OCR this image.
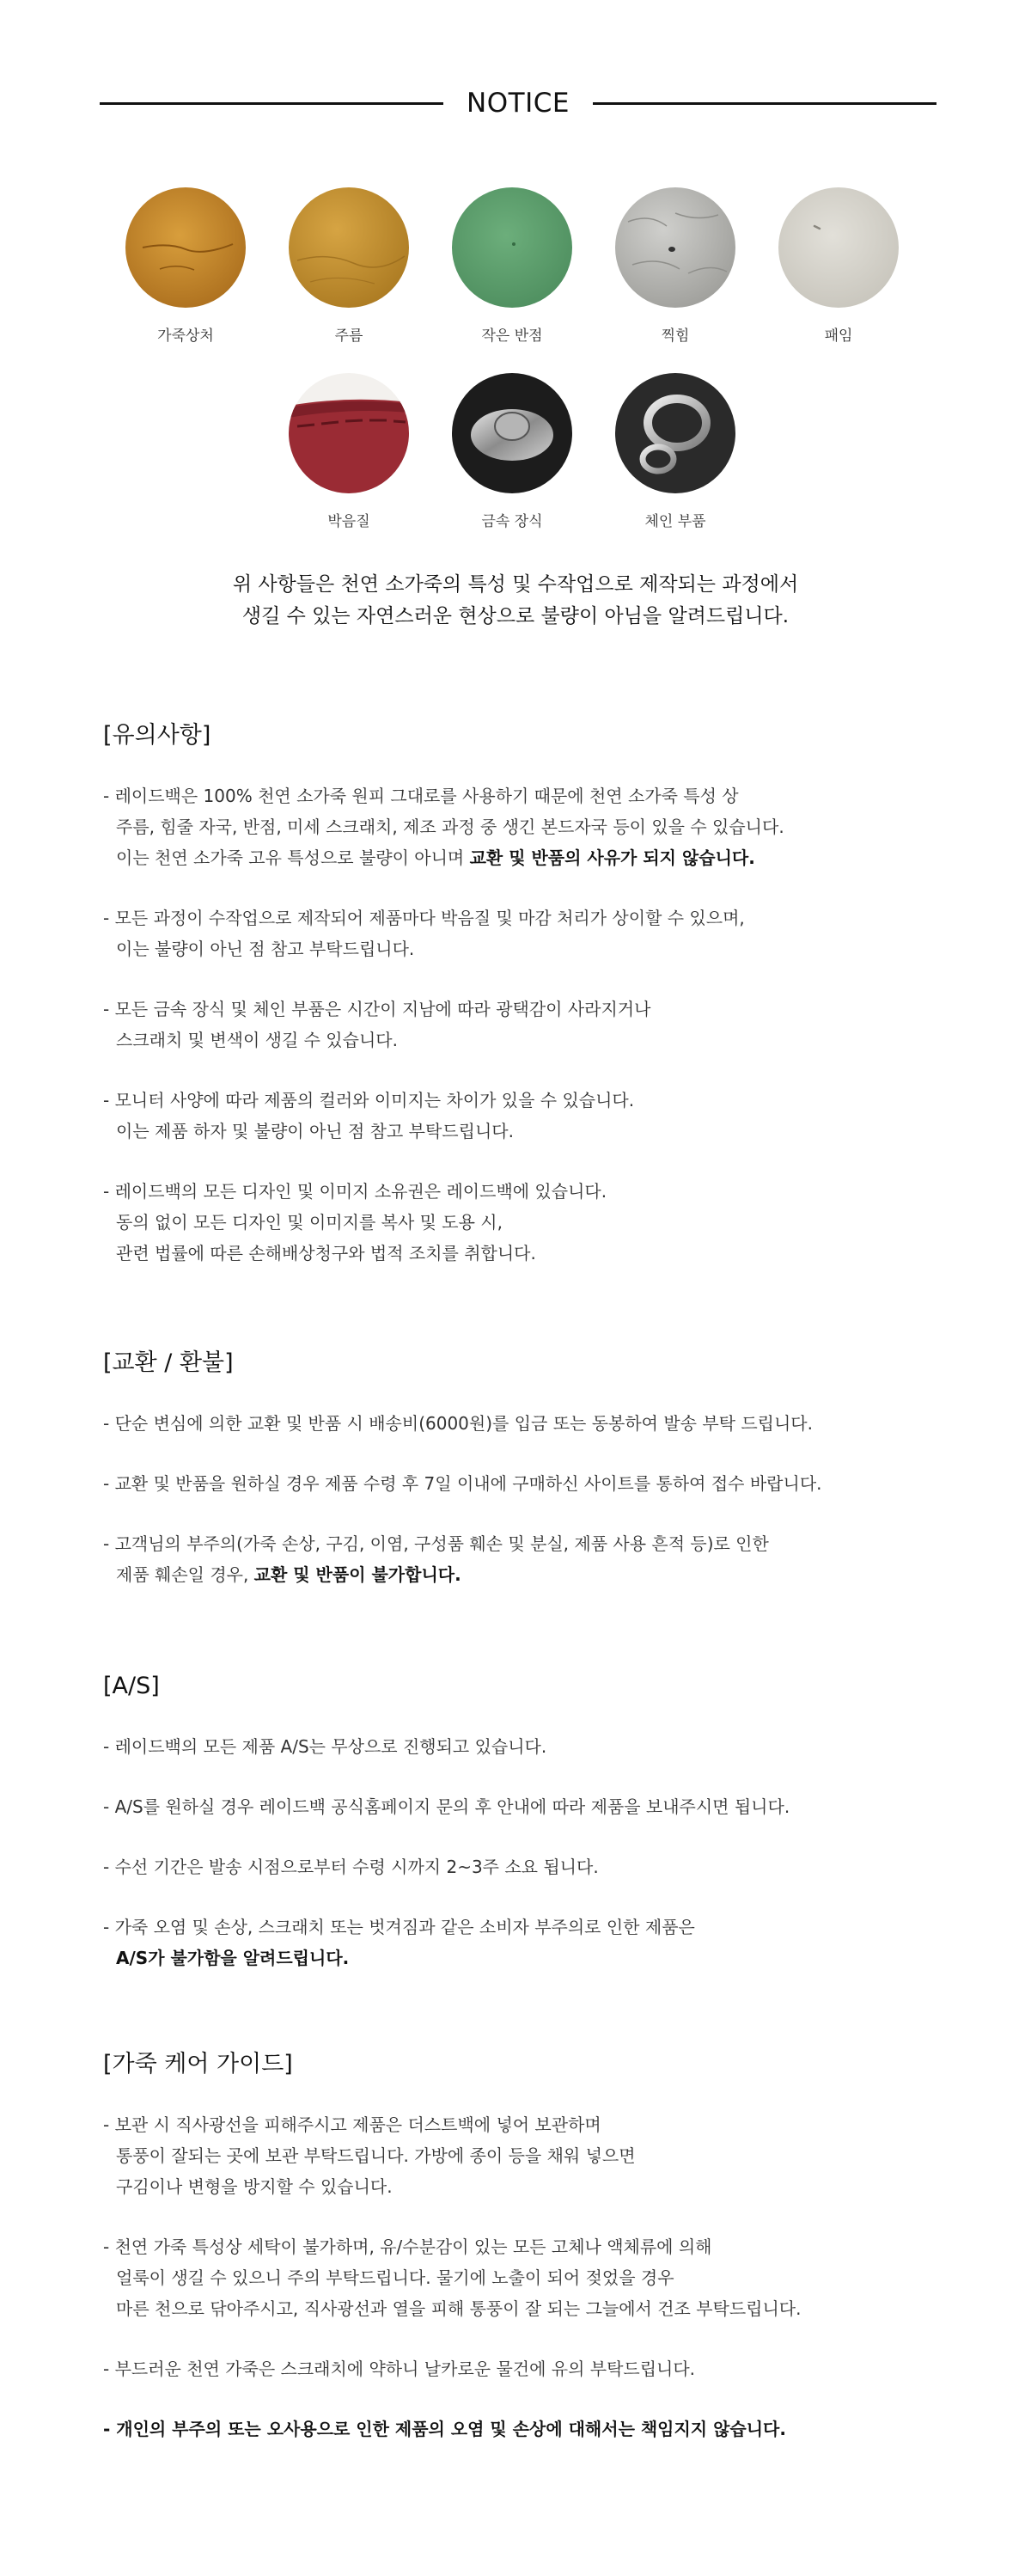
NOTICE
가죽상처	주름	작은 반점	찍힘	패임
박음질	금속 장식	체인 부품

위 사항들은 천연 소가죽의 특성 및 수작업으로 제작되는 과정에서

생길 수 있는 자연스러운 현상으로 불량이 아님을 알려드립니다.

[유의사항]
- 레이드백은 100% 천연 소가죽 원피 그대로를 사용하기 때문에 천연 소가죽 특성 상
주름, 힘줄 자국, 반점, 미세 스크래치, 제조 과정 중 생긴 본드자국 등이 있을 수 있습니다.
이는 천연 소가죽 고유 특성으로 불량이 아니며 교환 및 반품의 사유가 되지 않습니다.
- 모든 과정이 수작업으로 제작되어 제품마다 박음질 및 마감 처리가 상이할 수 있으며,
이는 불량이 아닌 점 참고 부탁드립니다.
- 모든 금속 장식 및 체인 부품은 시간이 지남에 따라 광택감이 사라지거나
스크래치 및 변색이 생길 수 있습니다.
- 모니터 사양에 따라 제품의 컬러와 이미지는 차이가 있을 수 있습니다.
이는 제품 하자 및 불량이 아닌 점 참고 부탁드립니다.
- 레이드백의 모든 디자인 및 이미지 소유권은 레이드백에 있습니다.
동의 없이 모든 디자인 및 이미지를 복사 및 도용 시,
관련 법률에 따른 손해배상청구와 법적 조치를 취합니다.
[교환 / 환불]
- 단순 변심에 의한 교환 및 반품 시 배송비(6000원)를 입금 또는 동봉하여 발송 부탁 드립니다.
- 교환 및 반품을 원하실 경우 제품 수령 후 7일 이내에 구매하신 사이트를 통하여 접수 바랍니다.
- 고객님의 부주의(가죽 손상, 구김, 이염, 구성품 훼손 및 분실, 제품 사용 흔적 등)로 인한
제품 훼손일 경우, 교환 및 반품이 불가합니다.
[A/S]
- 레이드백의 모든 제품 A/S는 무상으로 진행되고 있습니다.
- A/S를 원하실 경우 레이드백 공식홈페이지 문의 후 안내에 따라 제품을 보내주시면 됩니다.
- 수선 기간은 발송 시점으로부터 수령 시까지 2~3주 소요 됩니다.
- 가죽 오염 및 손상, 스크래치 또는 벗겨짐과 같은 소비자 부주의로 인한 제품은
A/S가 불가함을 알려드립니다.
[가죽 케어 가이드]
- 보관 시 직사광선을 피해주시고 제품은 더스트백에 넣어 보관하며
통풍이 잘되는 곳에 보관 부탁드립니다. 가방에 종이 등을 채워 넣으면
구김이나 변형을 방지할 수 있습니다.
- 천연 가죽 특성상 세탁이 불가하며, 유/수분감이 있는 모든 고체나 액체류에 의해
얼룩이 생길 수 있으니 주의 부탁드립니다. 물기에 노출이 되어 젖었을 경우
마른 천으로 닦아주시고, 직사광선과 열을 피해 통풍이 잘 되는 그늘에서 건조 부탁드립니다.
- 부드러운 천연 가죽은 스크래치에 약하니 날카로운 물건에 유의 부탁드립니다.
- 개인의 부주의 또는 오사용으로 인한 제품의 오염 및 손상에 대해서는 책임지지 않습니다.
